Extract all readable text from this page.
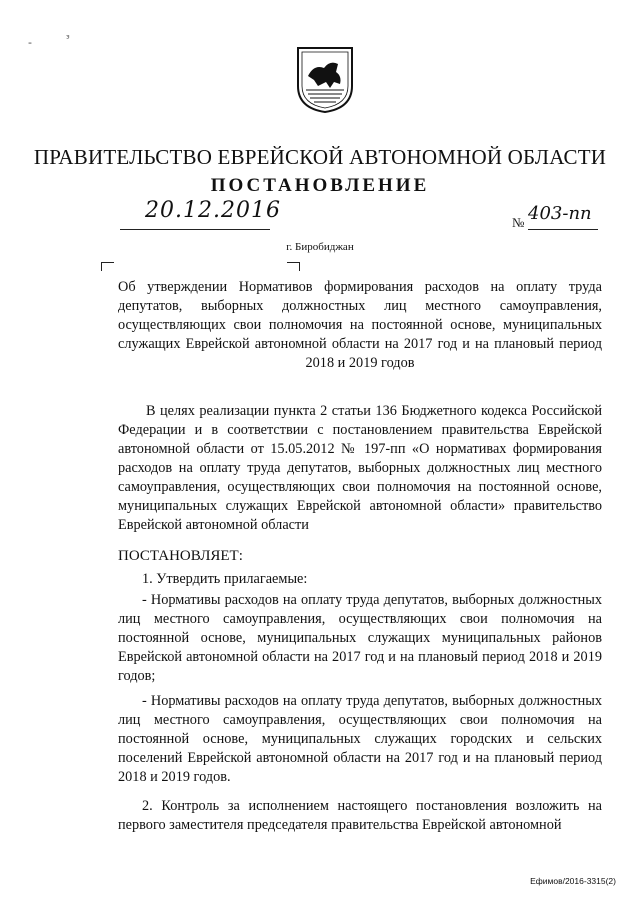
-	ᵌ
ПРАВИТЕЛЬСТВО ЕВРЕЙСКОЙ АВТОНОМНОЙ ОБЛАСТИ
ПОСТАНОВЛЕНИЕ
20.12.2016	№ 403-пп
г. Биробиджан
Об утверждении Нормативов формирования расходов на оплату труда депутатов, выборных должностных лиц местного самоуправления, осуществляющих свои полномочия на постоянной основе, муниципальных служащих Еврейской автономной области на 2017 год и на плановый период 2018 и 2019 годов
В целях реализации пункта 2 статьи 136 Бюджетного кодекса Российской Федерации и в соответствии с постановлением правительства Еврейской автономной области от 15.05.2012 № 197-пп «О нормативах формирования расходов на оплату труда депутатов, выборных должностных лиц местного самоуправления, осуществляющих свои полномочия на постоянной основе, муниципальных служащих Еврейской автономной области» правительство Еврейской автономной области
ПОСТАНОВЛЯЕТ:
1. Утвердить прилагаемые:
- Нормативы расходов на оплату труда депутатов, выборных должностных лиц местного самоуправления, осуществляющих свои полномочия на постоянной основе, муниципальных служащих муниципальных районов Еврейской автономной области на 2017 год и на плановый период 2018 и 2019 годов;
- Нормативы расходов на оплату труда депутатов, выборных должностных лиц местного самоуправления, осуществляющих свои полномочия на постоянной основе, муниципальных служащих городских и сельских поселений Еврейской автономной области на 2017 год и на плановый период 2018 и 2019 годов.
2. Контроль за исполнением настоящего постановления возложить на первого заместителя председателя правительства Еврейской автономной
Ефимов/2016-3315(2)
